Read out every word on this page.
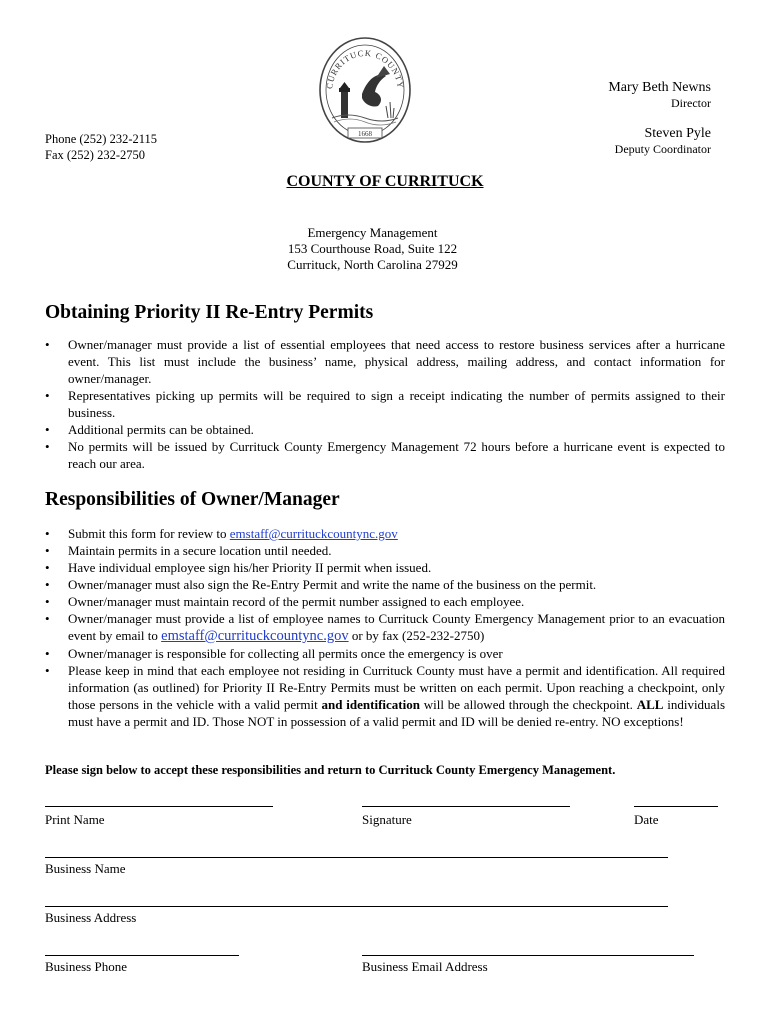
CURRITUCK COUNTY
1668
Phone (252) 232-2115
Fax (252) 232-2750
Mary Beth Newns
Director
Steven Pyle
Deputy Coordinator
COUNTY OF CURRITUCK
Emergency Management
153 Courthouse Road, Suite 122
Currituck, North Carolina 27929
Obtaining Priority II Re-Entry Permits
• Owner/manager must provide a list of essential employees that need access to restore business services after a hurricane event. This list must include the business’ name, physical address, mailing address, and contact information for owner/manager.
• Representatives picking up permits will be required to sign a receipt indicating the number of permits assigned to their business.
• Additional permits can be obtained.
• No permits will be issued by Currituck County Emergency Management 72 hours before a hurricane event is expected to reach our area.
Responsibilities of Owner/Manager
• Submit this form for review to emstaff@currituckcountync.gov
• Maintain permits in a secure location until needed.
• Have individual employee sign his/her Priority II permit when issued.
• Owner/manager must also sign the Re-Entry Permit and write the name of the business on the permit.
• Owner/manager must maintain record of the permit number assigned to each employee.
• Owner/manager must provide a list of employee names to Currituck County Emergency Management prior to an evacuation event by email to emstaff@currituckcountync.gov or by fax (252-232-2750)
• Owner/manager is responsible for collecting all permits once the emergency is over
• Please keep in mind that each employee not residing in Currituck County must have a permit and identification. All required information (as outlined) for Priority II Re-Entry Permits must be written on each permit. Upon reaching a checkpoint, only those persons in the vehicle with a valid permit and identification will be allowed through the checkpoint. ALL individuals must have a permit and ID. Those NOT in possession of a valid permit and ID will be denied re-entry. NO exceptions!
Please sign below to accept these responsibilities and return to Currituck County Emergency Management.
Print Name	Signature	Date
Business Name
Business Address
Business Phone	Business Email Address
